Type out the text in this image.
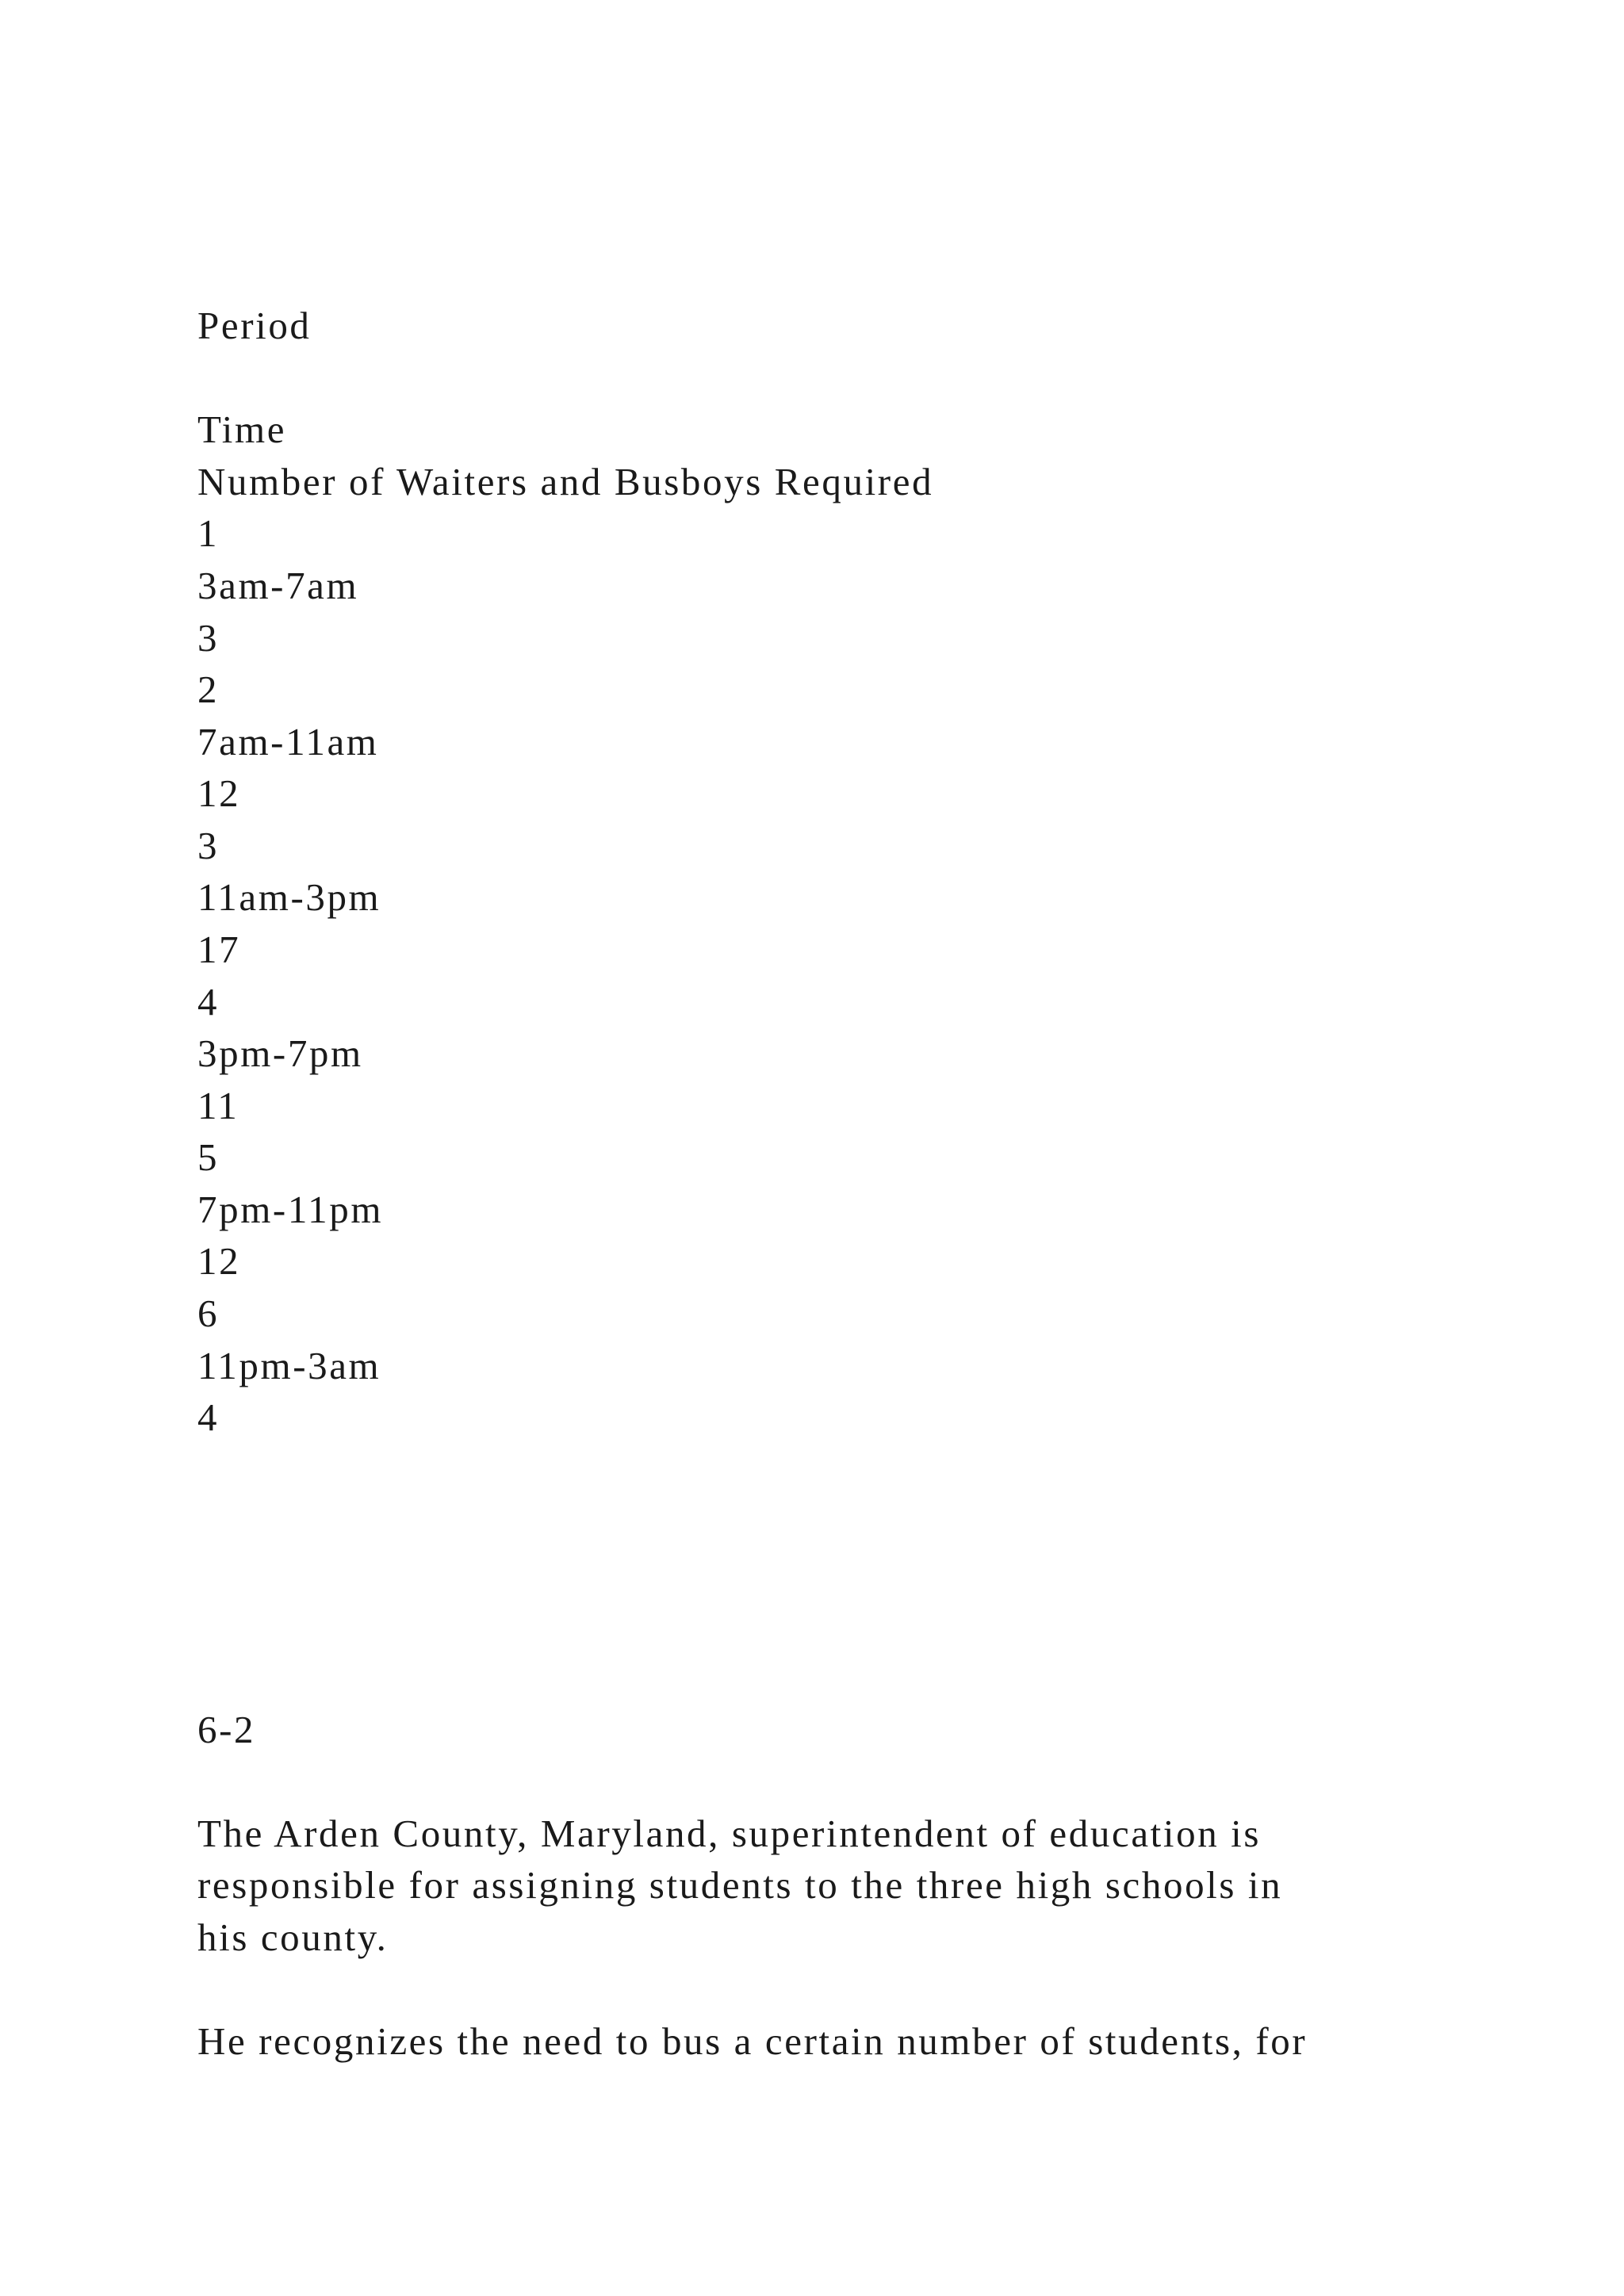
Period

Time

Number of Waiters and Busboys Required

1

3am-7am

3

2

7am-11am

12

3

11am-3pm

17

4

3pm-7pm

11

5

7pm-11pm

12

6

11pm-3am

4

6-2

The Arden County, Maryland, superintendent of education is

responsible for assigning students to the three high schools in

his county.

He recognizes the need to bus a certain number of students, for
